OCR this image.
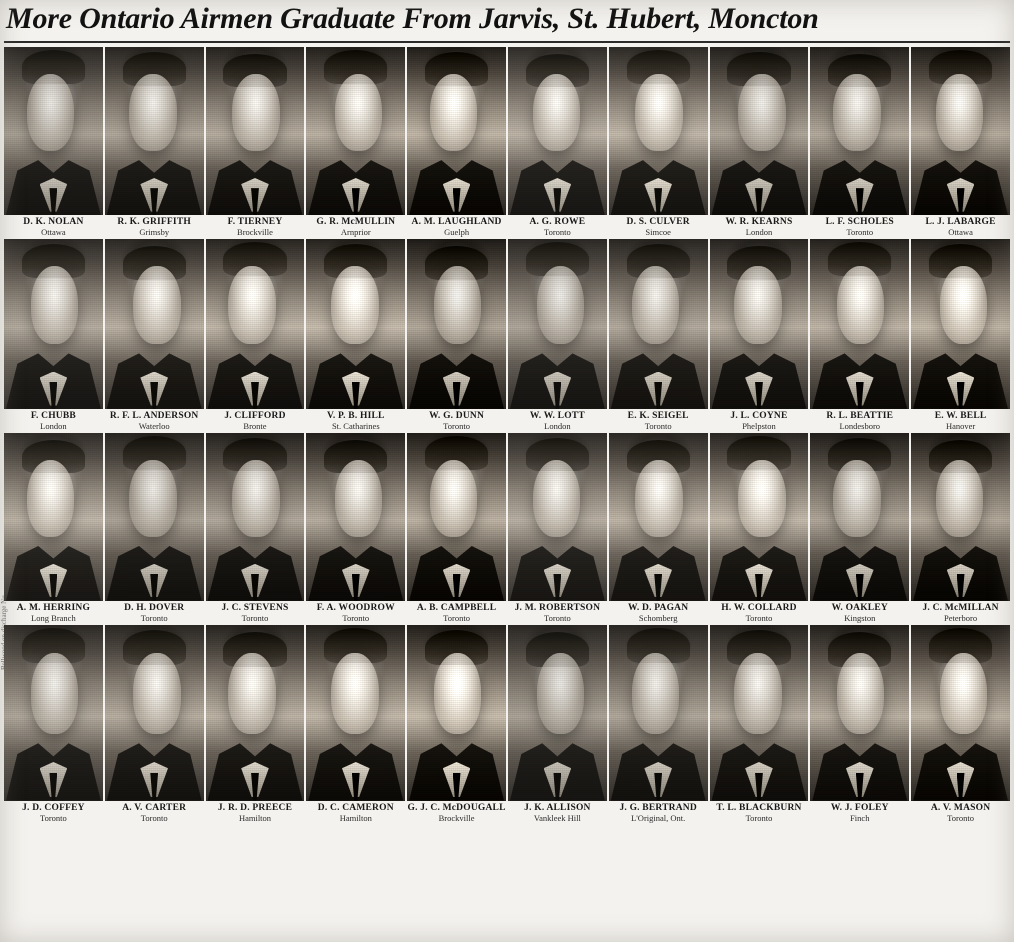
More Ontario Airmen Graduate From Jarvis, St. Hubert, Moncton
discharge
D. K. NOLAN
Ottawa
R. K. GRIFFITH
Grimsby
F. TIERNEY
Brockville
G. R. McMULLIN
Arnprior
A. M. LAUGHLAND
Guelph
A. G. ROWE
Toronto
D. S. CULVER
Simcoe
W. R. KEARNS
London
L. F. SCHOLES
Toronto
L. J. LABARGE
Ottawa
F. CHUBB
London
R. F. L. ANDERSON
Waterloo
J. CLIFFORD
Bronte
V. P. B. HILL
St. Catharines
W. G. DUNN
Toronto
W. W. LOTT
London
E. K. SEIGEL
Toronto
J. L. COYNE
Phelpston
R. L. BEATTIE
Londesboro
E. W. BELL
Hanover
A. M. HERRING
Long Branch
D. H. DOVER
Toronto
J. C. STEVENS
Toronto
F. A. WOODROW
Toronto
A. B. CAMPBELL
Toronto
J. M. ROBERTSON
Toronto
W. D. PAGAN
Schomberg
H. W. COLLARD
Toronto
W. OAKLEY
Kingston
J. C. McMILLAN
Peterboro
J. D. COFFEY
Toronto
A. V. CARTER
Toronto
J. R. D. PREECE
Hamilton
D. C. CAMERON
Hamilton
G. J. C. McDOUGALL
Brockville
J. K. ALLISON
Vankleek Hill
J. G. BERTRAND
L'Original, Ont.
T. L. BLACKBURN
Toronto
W. J. FOLEY
Finch
A. V. MASON
Toronto
